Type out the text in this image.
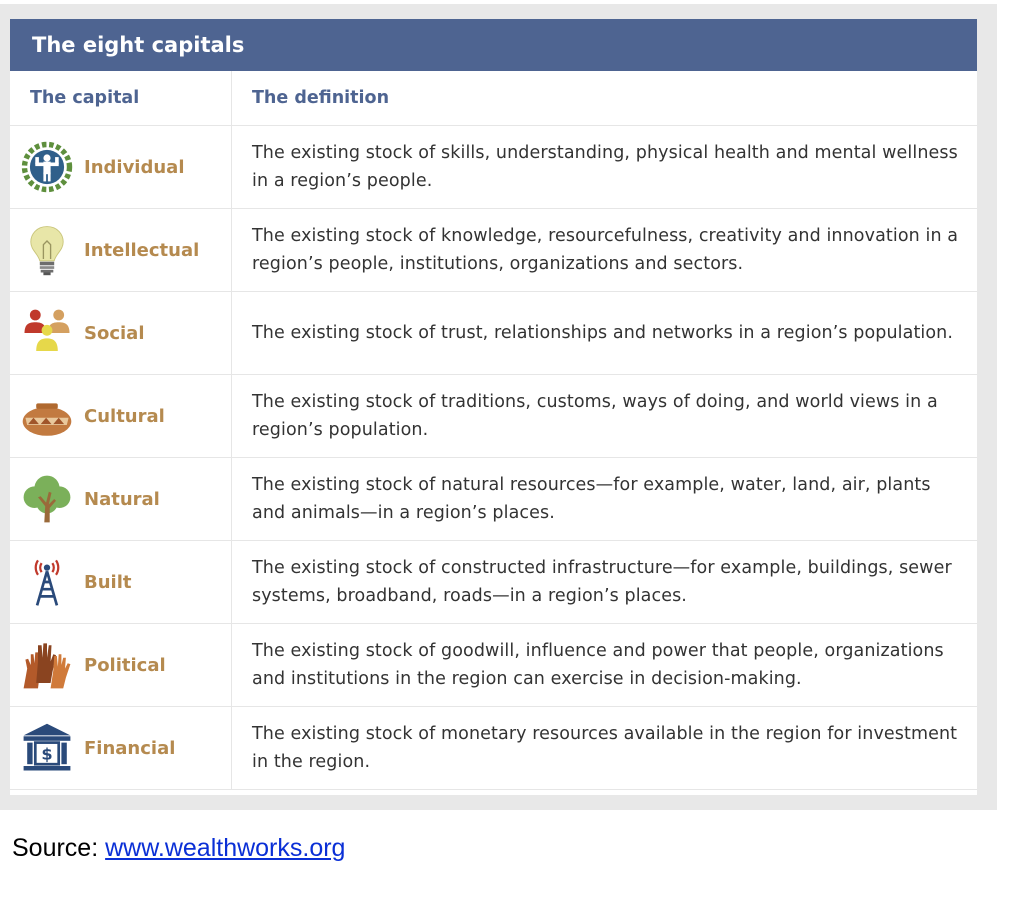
The eight capitals
The capital	The definition

Individual	The existing stock of skills, understanding, physical health and mental wellness in a region’s people.

Intellectual	The existing stock of knowledge, resourcefulness, creativity and innovation in a region’s people, institutions, organizations and sectors.

Social	The existing stock of trust, relationships and networks in a region’s population.

Cultural	The existing stock of traditions, customs, ways of doing, and world views in a region’s population.

Natural	The existing stock of natural resources—for example, water, land, air, plants and animals—in a region’s places.

Built	The existing stock of constructed infrastructure—for example, buildings, sewer systems, broadband, roads—in a region’s places.

Political	The existing stock of goodwill, influence and power that people, organizations and institutions in the region can exercise in decision-making.

$ Financial	The existing stock of monetary resources available in the region for investment in the region.
Source: www.wealthworks.org
